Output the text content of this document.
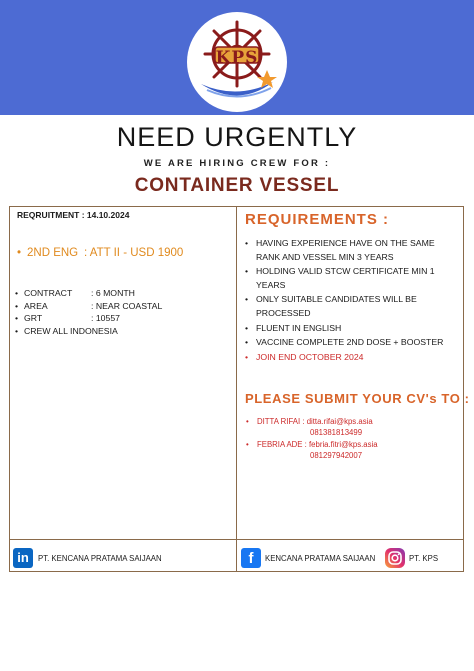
KPS
NEED URGENTLY
WE ARE HIRING CREW FOR :
CONTAINER VESSEL
REQRUITMENT : 14.10.2024
• 2ND ENG : ATT II - USD 1900
• CONTRACT : 6 MONTH
• AREA	: NEAR COASTAL
• GRT	: 10557
• CREW ALL INDONESIA
REQUIREMENTS :
• HAVING EXPERIENCE HAVE ON THE SAME RANK AND VESSEL MIN 3 YEARS
• HOLDING VALID STCW CERTIFICATE MIN 1 YEARS
• ONLY SUITABLE CANDIDATES WILL BE PROCESSED
• FLUENT IN ENGLISH
• VACCINE COMPLETE 2ND DOSE + BOOSTER
• JOIN END OCTOBER 2024
PLEASE SUBMIT YOUR CV's TO :
• DITTA RIFAI : ditta.rifai@kps.asia
081381813499
• FEBRIA ADE : febria.fitri@kps.asia
081297942007
in	PT. KENCANA PRATAMA SAIJAAN	f	KENCANA PRATAMA SAIJAAN	PT. KPS
